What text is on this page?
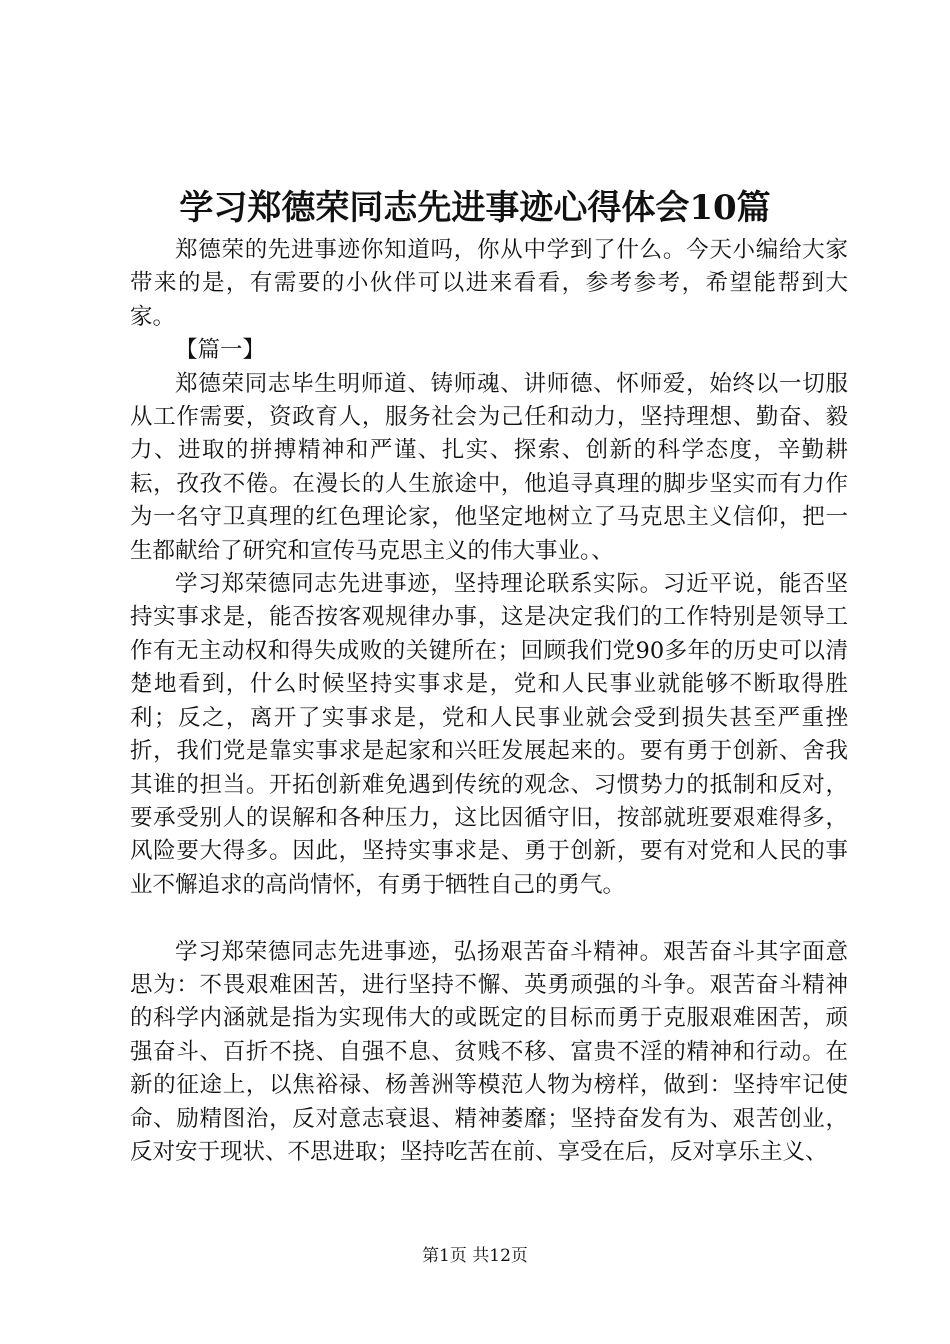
学习郑德荣同志先进事迹心得体会10篇

郑德荣的先进事迹你知道吗，你从中学到了什么。今天小编给大家带来的是，有需要的小伙伴可以进来看看，参考参考，希望能帮到大家。

【篇一】

郑德荣同志毕生明师道、铸师魂、讲师德、怀师爱，始终以一切服从工作需要，资政育人，服务社会为己任和动力，坚持理想、勤奋、毅力、进取的拼搏精神和严谨、扎实、探索、创新的科学态度，辛勤耕耘，孜孜不倦。在漫长的人生旅途中，他追寻真理的脚步坚实而有力作为一名守卫真理的红色理论家，他坚定地树立了马克思主义信仰，把一生都献给了研究和宣传马克思主义的伟大事业。、

学习郑荣德同志先进事迹，坚持理论联系实际。习近平说，能否坚持实事求是，能否按客观规律办事，这是决定我们的工作特别是领导工作有无主动权和得失成败的关键所在；回顾我们党90多年的历史可以清楚地看到，什么时候坚持实事求是，党和人民事业就能够不断取得胜利；反之，离开了实事求是，党和人民事业就会受到损失甚至严重挫折，我们党是靠实事求是起家和兴旺发展起来的。要有勇于创新、舍我其谁的担当。开拓创新难免遇到传统的观念、习惯势力的抵制和反对，要承受别人的误解和各种压力，这比因循守旧，按部就班要艰难得多，风险要大得多。因此，坚持实事求是、勇于创新，要有对党和人民的事业不懈追求的高尚情怀，有勇于牺牲自己的勇气。

学习郑荣德同志先进事迹，弘扬艰苦奋斗精神。艰苦奋斗其字面意思为：不畏艰难困苦，进行坚持不懈、英勇顽强的斗争。艰苦奋斗精神的科学内涵就是指为实现伟大的或既定的目标而勇于克服艰难困苦，顽强奋斗、百折不挠、自强不息、贫贱不移、富贵不淫的精神和行动。在新的征途上，以焦裕禄、杨善洲等模范人物为榜样，做到：坚持牢记使命、励精图治，反对意志衰退、精神萎靡；坚持奋发有为、艰苦创业，反对安于现状、不思进取；坚持吃苦在前、享受在后，反对享乐主义、

第1页 共12页
